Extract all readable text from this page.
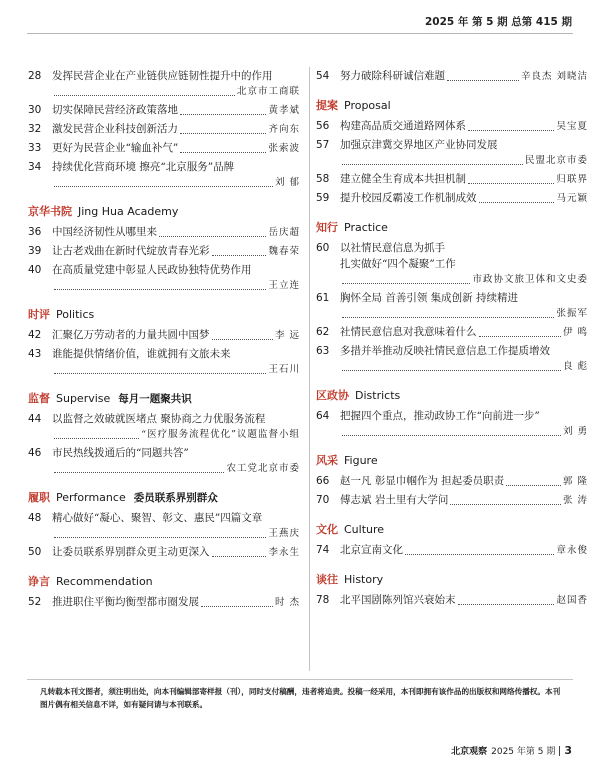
2025 年 第 5 期 总第 415 期
28	发挥民营企业在产业链供应链韧性提升中的作用
北京市工商联
30	切实保障民营经济政策落地	黄孝斌
32	激发民营企业科技创新活力	齐向东
33	更好为民营企业“输血补气”	张索波
34	持续优化营商环境 擦亮“北京服务”品牌
刘 郁
京华书院 Jing Hua Academy
36	中国经济韧性从哪里来	岳庆超
39	让古老戏曲在新时代绽放青春光彩	魏春荣
40	在高质量党建中彰显人民政协独特优势作用
王立连
时评 Politics
42	汇聚亿万劳动者的力量共圆中国梦	李 远
43	谁能提供情绪价值，谁就拥有文旅未来
王石川
监督 Supervise 每月一题聚共识
44	以监督之效破就医堵点 聚协商之力优服务流程
“医疗服务流程优化”议题监督小组
46	市民热线拨通后的“同题共答”
农工党北京市委
履职 Performance 委员联系界别群众
48	精心做好“凝心、聚智、彰文、惠民”四篇文章
王燕庆
50	让委员联系界别群众更主动更深入	李永生
诤言 Recommendation
52	推进职住平衡均衡型都市圈发展	时 杰
54	努力破除科研诚信难题	辛良杰 刘晓洁
提案 Proposal
56	构建高品质交通道路网体系	吴宝夏
57	加强京津冀交界地区产业协同发展
民盟北京市委
58	建立健全生育成本共担机制	归联界
59	提升校园反霸凌工作机制成效	马元颖
知行 Practice
60	以社情民意信息为抓手
扎实做好“四个凝聚”工作
市政协文旅卫体和文史委
61	胸怀全局 首善引领 集成创新 持续精进
张振军
62	社情民意信息对我意味着什么	伊 鸣
63	多措并举推动反映社情民意信息工作提质增效
良 彪
区政协 Districts
64	把握四个重点，推动政协工作“向前进一步”
刘 勇
风采 Figure
66	赵一凡 彰显巾帼作为 担起委员职责	郭 隆
70	傅志斌 岩土里有大学问	张 涛
文化 Culture
74	北京宣南文化	章永俊
谈往 History
78	北平国剧陈列馆兴衰始末	赵国香
凡转载本刊文图者，须注明出处，向本刊编辑部寄样报（刊），同时支付稿酬，违者将追责。投稿一经采用，本刊即拥有该作品的出版权和网络传播权。本刊图片偶有相关信息不详，如有疑问请与本刊联系。
北京观察 2025 年第 5 期 3
